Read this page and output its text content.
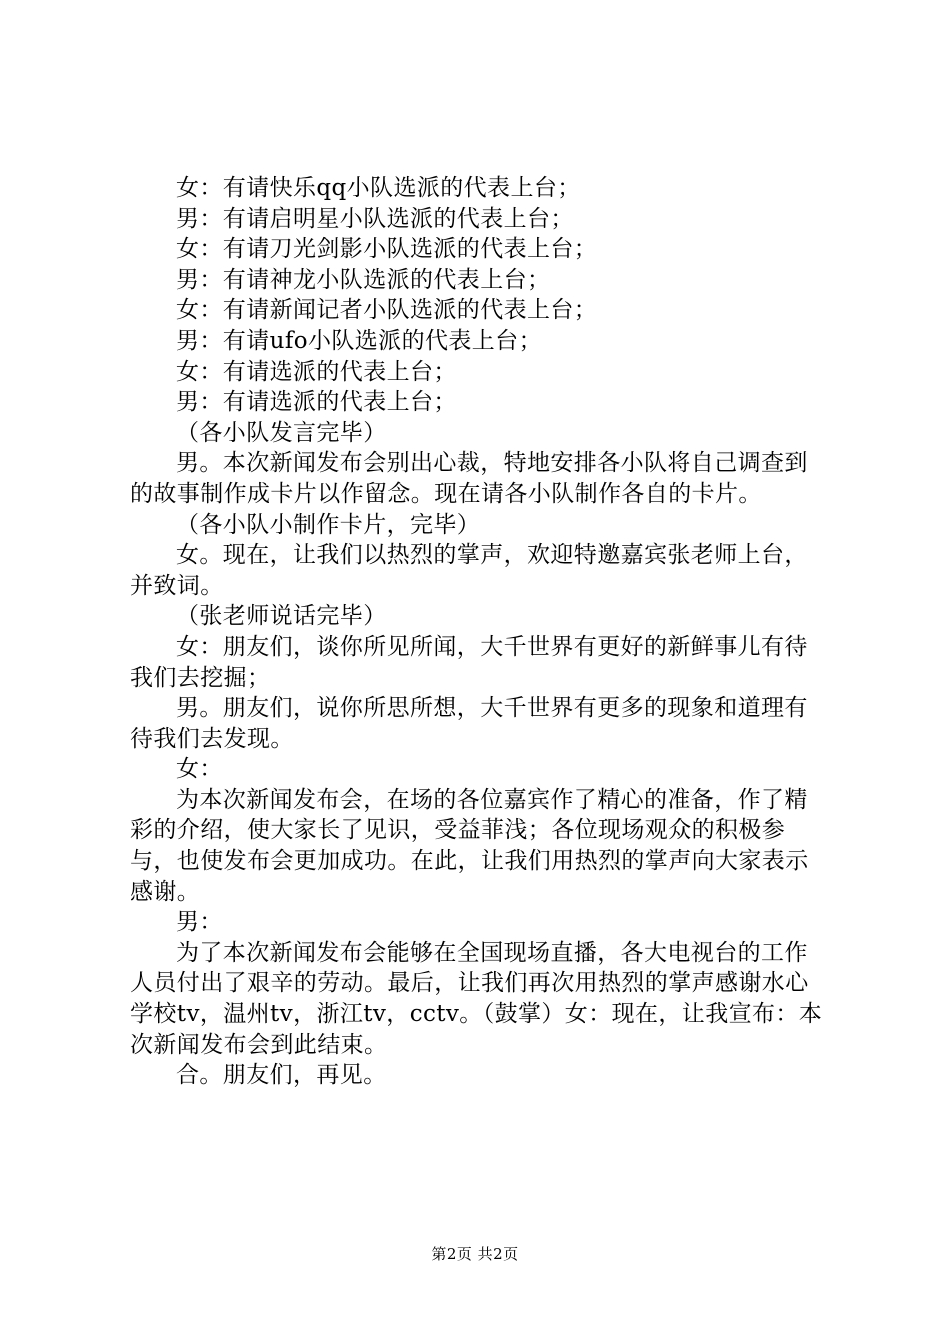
女：有请快乐qq小队选派的代表上台；

男：有请启明星小队选派的代表上台；

女：有请刀光剑影小队选派的代表上台；

男：有请神龙小队选派的代表上台；

女：有请新闻记者小队选派的代表上台；

男：有请ufo小队选派的代表上台；

女：有请选派的代表上台；

男：有请选派的代表上台；

（各小队发言完毕）

男。本次新闻发布会别出心裁，特地安排各小队将自己调查到的故事制作成卡片以作留念。现在请各小队制作各自的卡片。

（各小队小制作卡片，完毕）

女。现在，让我们以热烈的掌声，欢迎特邀嘉宾张老师上台，并致词。

（张老师说话完毕）

女：朋友们，谈你所见所闻，大千世界有更好的新鲜事儿有待我们去挖掘；

男。朋友们，说你所思所想，大千世界有更多的现象和道理有待我们去发现。

女：

为本次新闻发布会，在场的各位嘉宾作了精心的准备，作了精彩的介绍，使大家长了见识，受益菲浅；各位现场观众的积极参与，也使发布会更加成功。在此，让我们用热烈的掌声向大家表示感谢。

男：

为了本次新闻发布会能够在全国现场直播，各大电视台的工作人员付出了艰辛的劳动。最后，让我们再次用热烈的掌声感谢水心学校tv，温州tv，浙江tv，cctv。（鼓掌）女：现在，让我宣布：本次新闻发布会到此结束。

合。朋友们，再见。

第2页 共2页
